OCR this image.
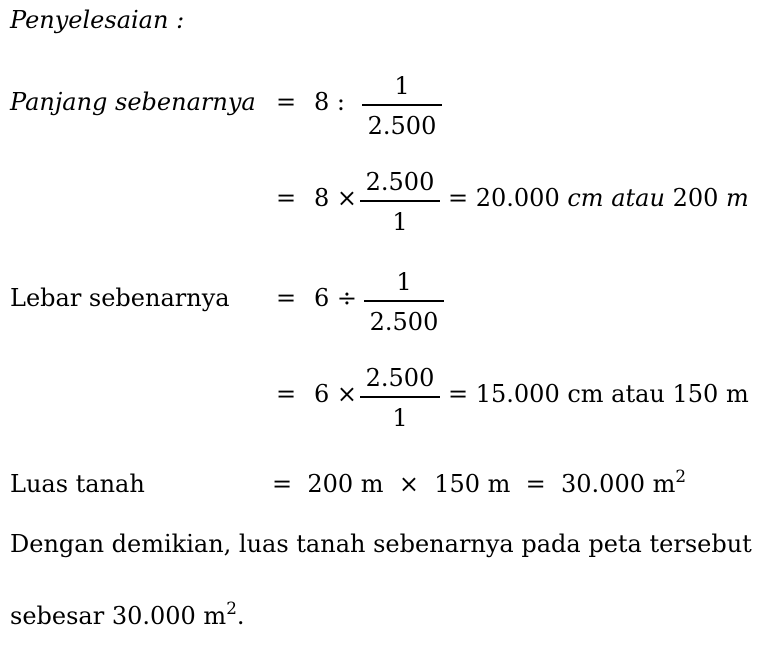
Penyelesaian :
Panjang sebenarnya = 8 :
1
2.500
= 8 ×
2.500
1
= 20.000 cm atau 200 m
Lebar sebenarnya = 6 ÷
1
2.500
= 6 ×
2.500
1
= 15.000 cm atau 150 m
Luas tanah	=  200 m  ×  150 m  =  30.000 $m^2$
Dengan demikian, luas tanah sebenarnya pada peta tersebut
sebesar 30.000 $m^2$.
